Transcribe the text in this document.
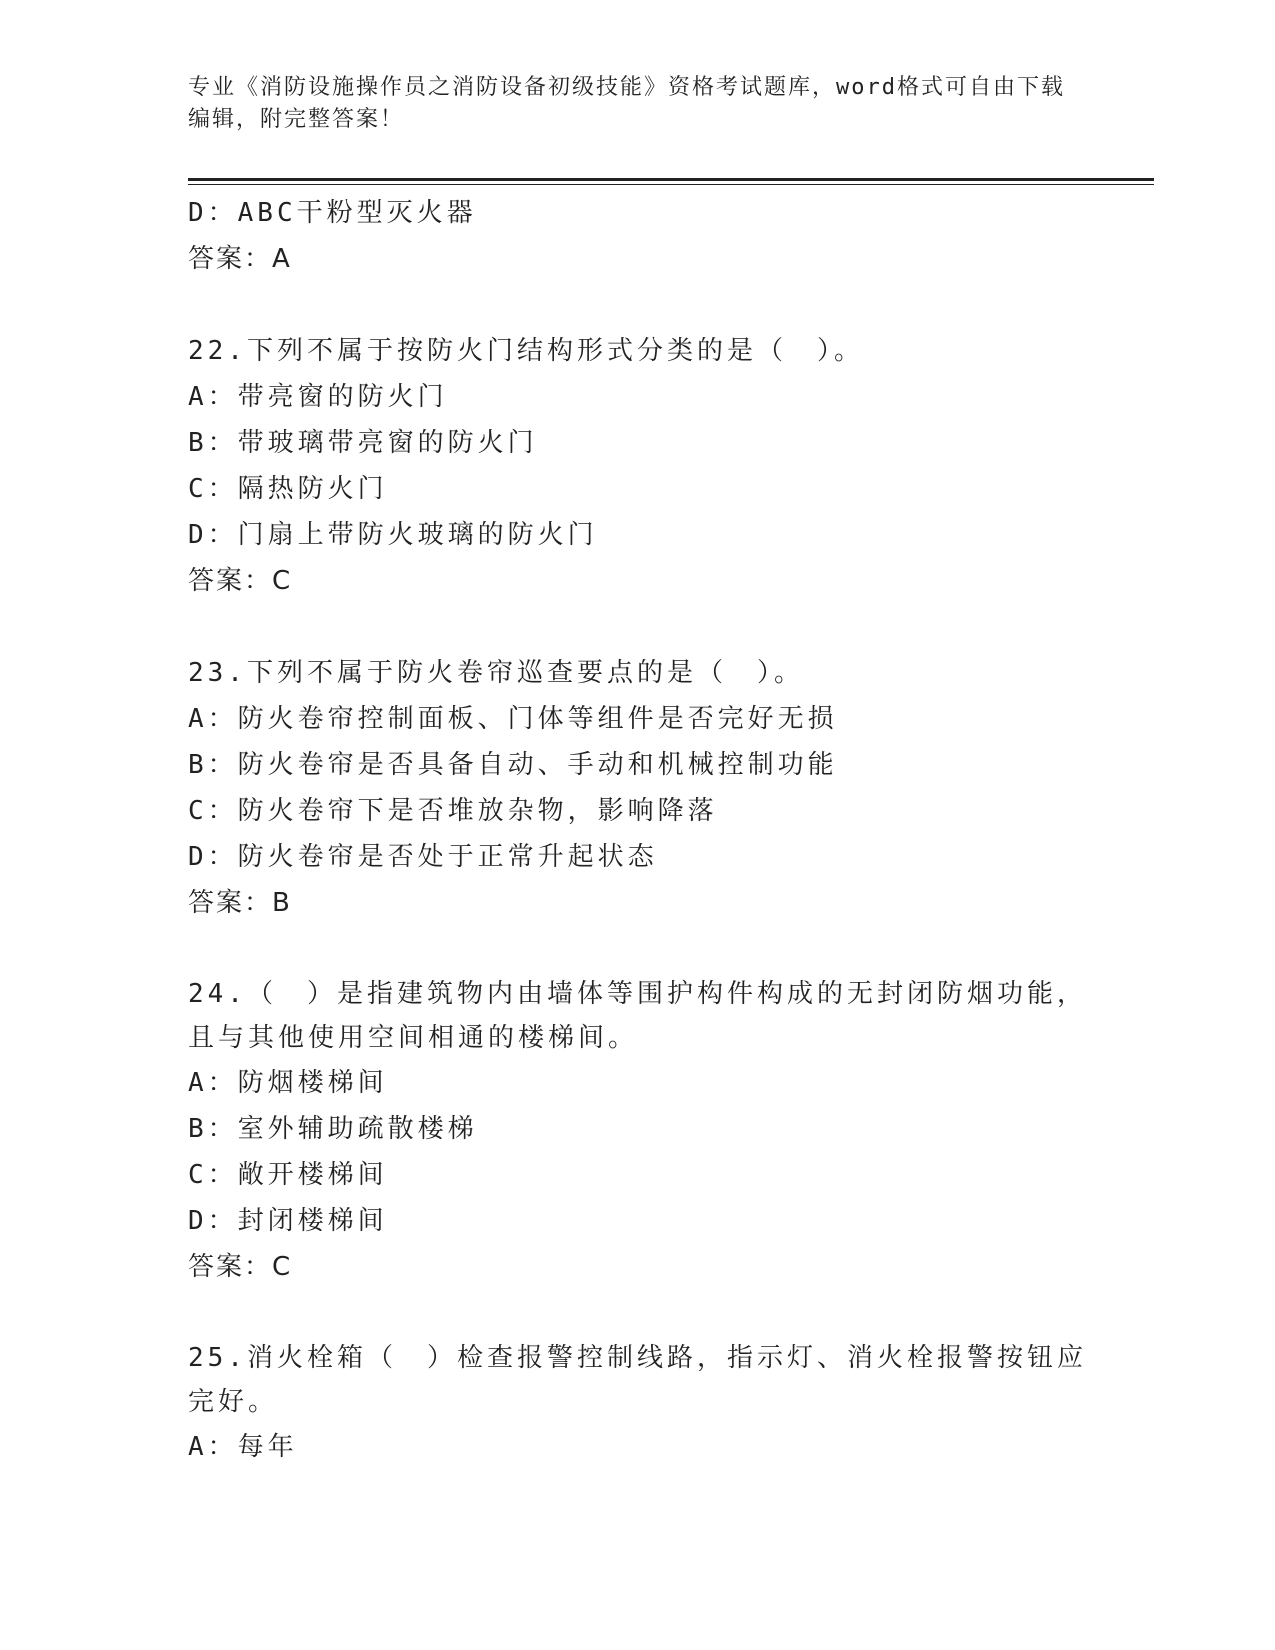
专业《消防设施操作员之消防设备初级技能》资格考试题库，word格式可自由下载编辑，附完整答案！
D：ABC干粉型灭火器
答案：A
22.下列不属于按防火门结构形式分类的是（　）。
A：带亮窗的防火门
B：带玻璃带亮窗的防火门
C：隔热防火门
D：门扇上带防火玻璃的防火门
答案：C
23.下列不属于防火卷帘巡查要点的是（　）。
A：防火卷帘控制面板、门体等组件是否完好无损
B：防火卷帘是否具备自动、手动和机械控制功能
C：防火卷帘下是否堆放杂物，影响降落
D：防火卷帘是否处于正常升起状态
答案：B
24.（　）是指建筑物内由墙体等围护构件构成的无封闭防烟功能，且与其他使用空间相通的楼梯间。
A：防烟楼梯间
B：室外辅助疏散楼梯
C：敞开楼梯间
D：封闭楼梯间
答案：C
25.消火栓箱（　）检查报警控制线路，指示灯、消火栓报警按钮应完好。
A：每年
